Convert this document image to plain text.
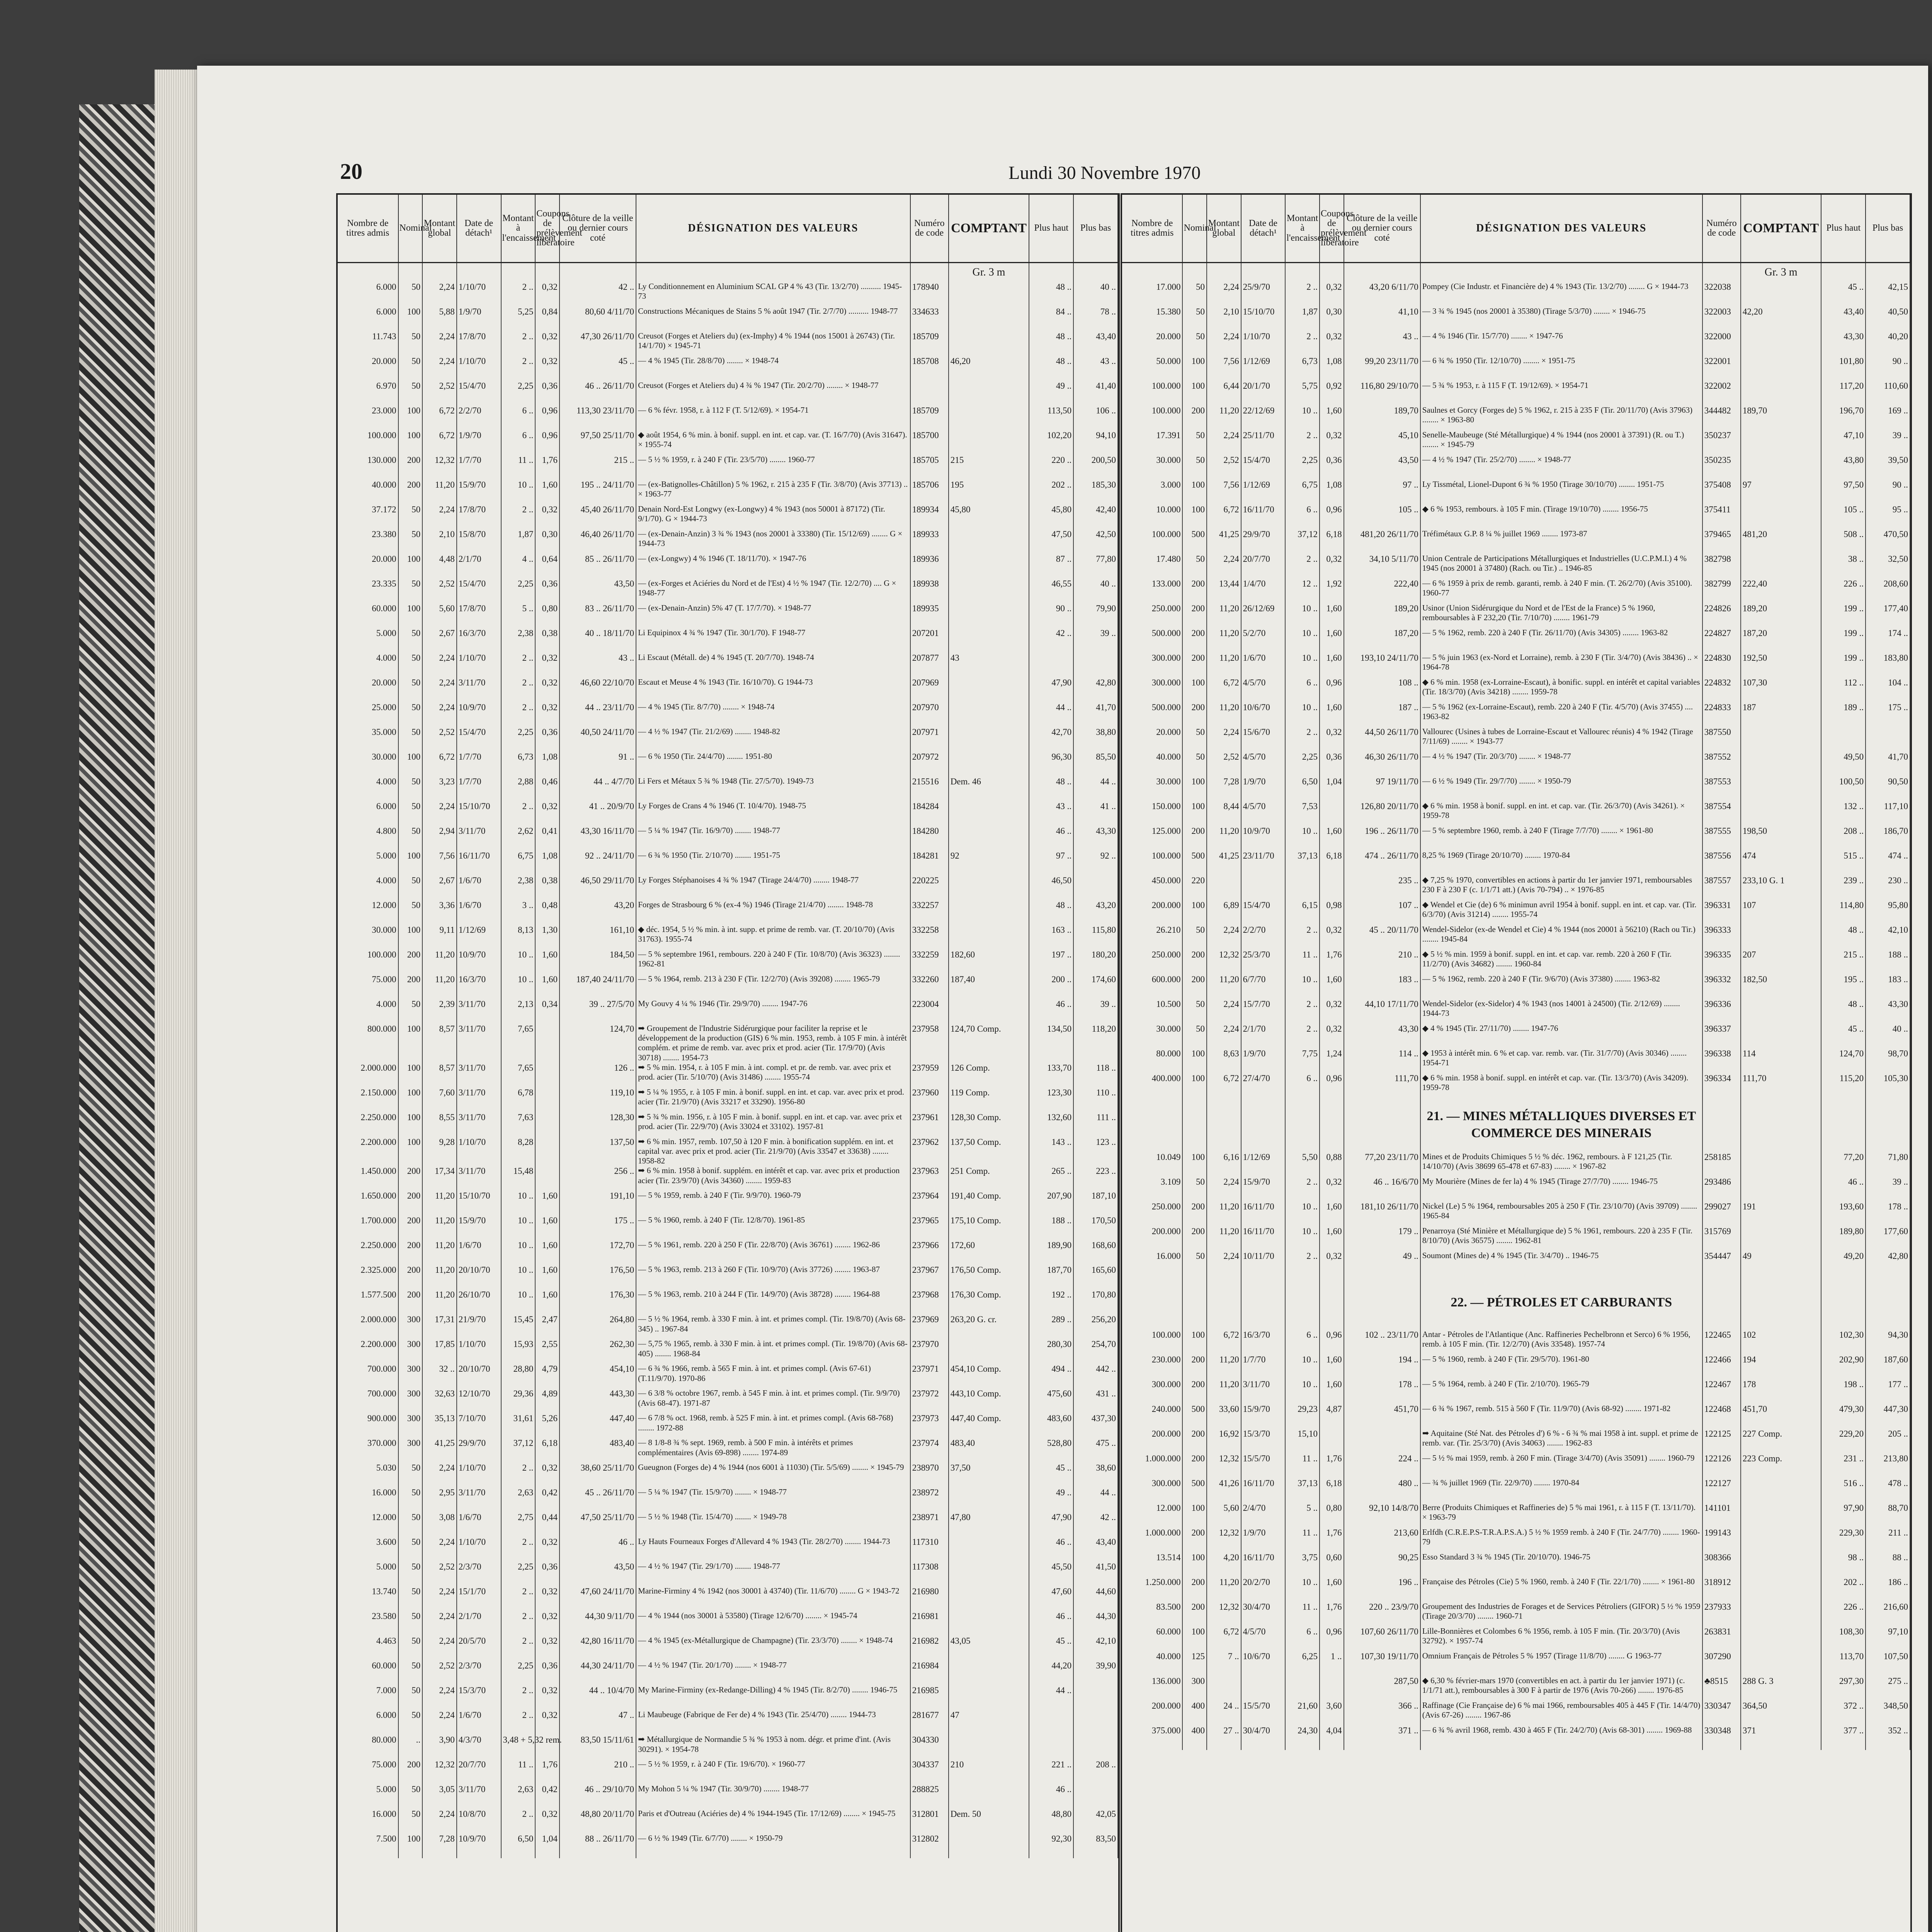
20	Lundi 30 Novembre 1970
Nombre de titres admis	Nominal	Montant global	Date de détach¹	Montant à l'encaissement	Coupons de prélèvement libératoire	Clôture de la veille ou dernier cours coté	DÉSIGNATION DES VALEURS	Numéro de code	COMPTANT	Plus haut	Plus bas
									Gr. 3 m		
6.000	50	2,24	1/10/70	2 ..	0,32	42 ..	Ly Conditionnement en Aluminium SCAL GP 4 % 43 (Tir. 13/2/70) .......... 1945-73	178940		48 ..	40 ..
6.000	100	5,88	1/9/70	5,25	0,84	80,60 4/11/70	Constructions Mécaniques de Stains 5 % août 1947 (Tir. 2/7/70) .......... 1948-77	334633		84 ..	78 ..
11.743	50	2,24	17/8/70	2 ..	0,32	47,30 26/11/70	Creusot (Forges et Ateliers du) (ex-Imphy) 4 % 1944 (nos 15001 à 26743) (Tir. 14/1/70) × 1945-71	185709		48 ..	43,40
20.000	50	2,24	1/10/70	2 ..	0,32	45 ..	— 4 % 1945 (Tir. 28/8/70) ........ × 1948-74	185708	46,20	48 ..	43 ..
6.970	50	2,52	15/4/70	2,25	0,36	46 .. 26/11/70	Creusot (Forges et Ateliers du) 4 ¾ % 1947 (Tir. 20/2/70) ........ × 1948-77			49 ..	41,40
23.000	100	6,72	2/2/70	6 ..	0,96	113,30 23/11/70	— 6 % févr. 1958, r. à 112 F (T. 5/12/69). × 1954-71	185709		113,50	106 ..
100.000	100	6,72	1/9/70	6 ..	0,96	97,50 25/11/70	◆ août 1954, 6 % min. à bonif. suppl. en int. et cap. var. (T. 16/7/70) (Avis 31647). × 1955-74	185700		102,20	94,10
130.000	200	12,32	1/7/70	11 ..	1,76	215 ..	— 5 ½ % 1959, r. à 240 F (Tir. 23/5/70) ........ 1960-77	185705	215	220 ..	200,50
40.000	200	11,20	15/9/70	10 ..	1,60	195 .. 24/11/70	— (ex-Batignolles-Châtillon) 5 % 1962, r. 215 à 235 F (Tir. 3/8/70) (Avis 37713) .. × 1963-77	185706	195	202 ..	185,30
37.172	50	2,24	17/8/70	2 ..	0,32	45,40 26/11/70	Denain Nord-Est Longwy (ex-Longwy) 4 % 1943 (nos 50001 à 87172) (Tir. 9/1/70). G × 1944-73	189934	45,80	45,80	42,40
23.380	50	2,10	15/8/70	1,87	0,30	46,40 26/11/70	— (ex-Denain-Anzin) 3 ¾ % 1943 (nos 20001 à 33380) (Tir. 15/12/69) ........ G × 1944-73	189933		47,50	42,50
20.000	100	4,48	2/1/70	4 ..	0,64	85 .. 26/11/70	— (ex-Longwy) 4 % 1946 (T. 18/11/70). × 1947-76	189936		87 ..	77,80
23.335	50	2,52	15/4/70	2,25	0,36	43,50	— (ex-Forges et Aciéries du Nord et de l'Est) 4 ½ % 1947 (Tir. 12/2/70) .... G × 1948-77	189938		46,55	40 ..
60.000	100	5,60	17/8/70	5 ..	0,80	83 .. 26/11/70	— (ex-Denain-Anzin) 5% 47 (T. 17/7/70). × 1948-77	189935		90 ..	79,90
5.000	50	2,67	16/3/70	2,38	0,38	40 .. 18/11/70	Li Equipinox 4 ¾ % 1947 (Tir. 30/1/70). F 1948-77	207201		42 ..	39 ..
4.000	50	2,24	1/10/70	2 ..	0,32	43 ..	Li Escaut (Métall. de) 4 % 1945 (T. 20/7/70). 1948-74	207877	43		
20.000	50	2,24	3/11/70	2 ..	0,32	46,60 22/10/70	Escaut et Meuse 4 % 1943 (Tir. 16/10/70). G 1944-73	207969		47,90	42,80
25.000	50	2,24	10/9/70	2 ..	0,32	44 .. 23/11/70	— 4 % 1945 (Tir. 8/7/70) ........ × 1948-74	207970		44 ..	41,70
35.000	50	2,52	15/4/70	2,25	0,36	40,50 24/11/70	— 4 ½ % 1947 (Tir. 21/2/69) ........ 1948-82	207971		42,70	38,80
30.000	100	6,72	1/7/70	6,73	1,08	91 ..	— 6 % 1950 (Tir. 24/4/70) ........ 1951-80	207972		96,30	85,50
4.000	50	3,23	1/7/70	2,88	0,46	44 .. 4/7/70	Li Fers et Métaux 5 ¾ % 1948 (Tir. 27/5/70). 1949-73	215516	Dem. 46	48 ..	44 ..
6.000	50	2,24	15/10/70	2 ..	0,32	41 .. 20/9/70	Ly Forges de Crans 4 % 1946 (T. 10/4/70). 1948-75	184284		43 ..	41 ..
4.800	50	2,94	3/11/70	2,62	0,41	43,30 16/11/70	— 5 ¼ % 1947 (Tir. 16/9/70) ........ 1948-77	184280		46 ..	43,30
5.000	100	7,56	16/11/70	6,75	1,08	92 .. 24/11/70	— 6 ¾ % 1950 (Tir. 2/10/70) ........ 1951-75	184281	92	97 ..	92 ..
4.000	50	2,67	1/6/70	2,38	0,38	46,50 29/11/70	Ly Forges Stéphanoises 4 ¾ % 1947 (Tirage 24/4/70) ........ 1948-77	220225		46,50	
12.000	50	3,36	1/6/70	3 ..	0,48	43,20	Forges de Strasbourg 6 % (ex-4 %) 1946 (Tirage 21/4/70) ........ 1948-78	332257		48 ..	43,20
30.000	100	9,11	1/12/69	8,13	1,30	161,10	◆ déc. 1954, 5 ½ % min. à int. supp. et prime de remb. var. (T. 20/10/70) (Avis 31763). 1955-74	332258		163 ..	115,80
100.000	200	11,20	10/9/70	10 ..	1,60	184,50	— 5 % septembre 1961, rembours. 220 à 240 F (Tir. 10/8/70) (Avis 36323) ........ 1962-81	332259	182,60	197 ..	180,20
75.000	200	11,20	16/3/70	10 ..	1,60	187,40 24/11/70	— 5 % 1964, remb. 213 à 230 F (Tir. 12/2/70) (Avis 39208) ........ 1965-79	332260	187,40	200 ..	174,60
4.000	50	2,39	3/11/70	2,13	0,34	39 .. 27/5/70	My Gouvy 4 ¼ % 1946 (Tir. 29/9/70) ........ 1947-76	223004		46 ..	39 ..
800.000	100	8,57	3/11/70	7,65		124,70	➡ Groupement de l'Industrie Sidérurgique pour faciliter la reprise et le développement de la production (GIS) 6 % min. 1953, remb. à 105 F min. à intérêt complém. et prime de remb. var. avec prix et prod. acier (Tir. 17/9/70) (Avis 30718) ........ 1954-73	237958	124,70 Comp.	134,50	118,20
2.000.000	100	8,57	3/11/70	7,65		126 ..	➡ 5 % min. 1954, r. à 105 F min. à int. compl. et pr. de remb. var. avec prix et prod. acier (Tir. 5/10/70) (Avis 31486) ........ 1955-74	237959	126 Comp.	133,70	118 ..
2.150.000	100	7,60	3/11/70	6,78		119,10	➡ 5 ¼ % 1955, r. à 105 F min. à bonif. suppl. en int. et cap. var. avec prix et prod. acier (Tir. 21/9/70) (Avis 33217 et 33290). 1956-80	237960	119 Comp.	123,30	110 ..
2.250.000	100	8,55	3/11/70	7,63		128,30	➡ 5 ¾ % min. 1956, r. à 105 F min. à bonif. suppl. en int. et cap. var. avec prix et prod. acier (Tir. 22/9/70) (Avis 33024 et 33102). 1957-81	237961	128,30 Comp.	132,60	111 ..
2.200.000	100	9,28	1/10/70	8,28		137,50	➡ 6 % min. 1957, remb. 107,50 à 120 F min. à bonification supplém. en int. et capital var. avec prix et prod. acier (Tir. 21/9/70) (Avis 33547 et 33638) ........ 1958-82	237962	137,50 Comp.	143 ..	123 ..
1.450.000	200	17,34	3/11/70	15,48		256 ..	➡ 6 % min. 1958 à bonif. supplém. en intérêt et cap. var. avec prix et production acier (Tir. 23/9/70) (Avis 34360) ........ 1959-83	237963	251 Comp.	265 ..	223 ..
1.650.000	200	11,20	15/10/70	10 ..	1,60	191,10	— 5 % 1959, remb. à 240 F (Tir. 9/9/70). 1960-79	237964	191,40 Comp.	207,90	187,10
1.700.000	200	11,20	15/9/70	10 ..	1,60	175 ..	— 5 % 1960, remb. à 240 F (Tir. 12/8/70). 1961-85	237965	175,10 Comp.	188 ..	170,50
2.250.000	200	11,20	1/6/70	10 ..	1,60	172,70	— 5 % 1961, remb. 220 à 250 F (Tir. 22/8/70) (Avis 36761) ........ 1962-86	237966	172,60	189,90	168,60
2.325.000	200	11,20	20/10/70	10 ..	1,60	176,50	— 5 % 1963, remb. 213 à 260 F (Tir. 10/9/70) (Avis 37726) ........ 1963-87	237967	176,50 Comp.	187,70	165,60
1.577.500	200	11,20	26/10/70	10 ..	1,60	176,30	— 5 % 1963, remb. 210 à 244 F (Tir. 14/9/70) (Avis 38728) ........ 1964-88	237968	176,30 Comp.	192 ..	170,80
2.000.000	300	17,31	21/9/70	15,45	2,47	264,80	— 5 ½ % 1964, remb. à 330 F min. à int. et primes compl. (Tir. 19/8/70) (Avis 68-345) .. 1967-84	237969	263,20 G. cr.	289 ..	256,20
2.200.000	300	17,85	1/10/70	15,93	2,55	262,30	— 5,75 % 1965, remb. à 330 F min. à int. et primes compl. (Tir. 19/8/70) (Avis 68-405) ........ 1968-84	237970		280,30	254,70
700.000	300	32 ..	20/10/70	28,80	4,79	454,10	— 6 ¾ % 1966, remb. à 565 F min. à int. et primes compl. (Avis 67-61) (T.11/9/70). 1970-86	237971	454,10 Comp.	494 ..	442 ..
700.000	300	32,63	12/10/70	29,36	4,89	443,30	— 6 3/8 % octobre 1967, remb. à 545 F min. à int. et primes compl. (Tir. 9/9/70) (Avis 68-47). 1971-87	237972	443,10 Comp.	475,60	431 ..
900.000	300	35,13	7/10/70	31,61	5,26	447,40	— 6 7/8 % oct. 1968, remb. à 525 F min. à int. et primes compl. (Avis 68-768) ........ 1972-88	237973	447,40 Comp.	483,60	437,30
370.000	300	41,25	29/9/70	37,12	6,18	483,40	— 8 1/8-8 ¾ % sept. 1969, remb. à 500 F min. à intérêts et primes complémentaires (Avis 69-898) ........ 1974-89	237974	483,40	528,80	475 ..
5.030	50	2,24	1/10/70	2 ..	0,32	38,60 25/11/70	Gueugnon (Forges de) 4 % 1944 (nos 6001 à 11030) (Tir. 5/5/69) ........ × 1945-79	238970	37,50	45 ..	38,60
16.000	50	2,95	3/11/70	2,63	0,42	45 .. 26/11/70	— 5 ¼ % 1947 (Tir. 15/9/70) ........ × 1948-77	238972		49 ..	44 ..
12.000	50	3,08	1/6/70	2,75	0,44	47,50 25/11/70	— 5 ½ % 1948 (Tir. 15/4/70) ........ × 1949-78	238971	47,80	47,90	42 ..
3.600	50	2,24	1/10/70	2 ..	0,32	46 ..	Ly Hauts Fourneaux Forges d'Allevard 4 % 1943 (Tir. 28/2/70) ........ 1944-73	117310		46 ..	43,40
5.000	50	2,52	2/3/70	2,25	0,36	43,50	— 4 ½ % 1947 (Tir. 29/1/70) ........ 1948-77	117308		45,50	41,50
13.740	50	2,24	15/1/70	2 ..	0,32	47,60 24/11/70	Marine-Firminy 4 % 1942 (nos 30001 à 43740) (Tir. 11/6/70) ........ G × 1943-72	216980		47,60	44,60
23.580	50	2,24	2/1/70	2 ..	0,32	44,30 9/11/70	— 4 % 1944 (nos 30001 à 53580) (Tirage 12/6/70) ........ × 1945-74	216981		46 ..	44,30
4.463	50	2,24	20/5/70	2 ..	0,32	42,80 16/11/70	— 4 % 1945 (ex-Métallurgique de Champagne) (Tir. 23/3/70) ........ × 1948-74	216982	43,05	45 ..	42,10
60.000	50	2,52	2/3/70	2,25	0,36	44,30 24/11/70	— 4 ½ % 1947 (Tir. 20/1/70) ........ × 1948-77	216984		44,20	39,90
7.000	50	2,24	15/3/70	2 ..	0,32	44 .. 10/4/70	My Marine-Firminy (ex-Redange-Dilling) 4 % 1945 (Tir. 8/2/70) ........ 1946-75	216985		44 ..	
6.000	50	2,24	1/6/70	2 ..	0,32	47 ..	Li Maubeuge (Fabrique de Fer de) 4 % 1943 (Tir. 25/4/70) ........ 1944-73	281677	47		
80.000	..	3,90	4/3/70	3,48 + 5,32 rem.		83,50 15/11/61	➡ Métallurgique de Normandie 5 ¾ % 1953 à nom. dégr. et prime d'int. (Avis 30291). × 1954-78	304330			
75.000	200	12,32	20/7/70	11 ..	1,76	210 ..	— 5 ½ % 1959, r. à 240 F (Tir. 19/6/70). × 1960-77	304337	210	221 ..	208 ..
5.000	50	3,05	3/11/70	2,63	0,42	46 .. 29/10/70	My Mohon 5 ¼ % 1947 (Tir. 30/9/70) ........ 1948-77	288825		46 ..	
16.000	50	2,24	10/8/70	2 ..	0,32	48,80 20/11/70	Paris et d'Outreau (Aciéries de) 4 % 1944-1945 (Tir. 17/12/69) ........ × 1945-75	312801	Dem. 50	48,80	42,05
7.500	100	7,28	10/9/70	6,50	1,04	88 .. 26/11/70	— 6 ½ % 1949 (Tir. 6/7/70) ........ × 1950-79	312802		92,30	83,50
Nombre de titres admis	Nominal	Montant global	Date de détach¹	Montant à l'encaissement	Coupons de prélèvement libératoire	Clôture de la veille ou dernier cours coté	DÉSIGNATION DES VALEURS	Numéro de code	COMPTANT	Plus haut	Plus bas
									Gr. 3 m		
17.000	50	2,24	25/9/70	2 ..	0,32	43,20 6/11/70	Pompey (Cie Industr. et Financière de) 4 % 1943 (Tir. 13/2/70) ........ G × 1944-73	322038		45 ..	42,15
15.380	50	2,10	15/10/70	1,87	0,30	41,10	— 3 ¾ % 1945 (nos 20001 à 35380) (Tirage 5/3/70) ........ × 1946-75	322003	42,20	43,40	40,50
20.000	50	2,24	1/10/70	2 ..	0,32	43 ..	— 4 % 1946 (Tir. 15/7/70) ........ × 1947-76	322000		43,30	40,20
50.000	100	7,56	1/12/69	6,73	1,08	99,20 23/11/70	— 6 ¾ % 1950 (Tir. 12/10/70) ........ × 1951-75	322001		101,80	90 ..
100.000	100	6,44	20/1/70	5,75	0,92	116,80 29/10/70	— 5 ¾ % 1953, r. à 115 F (T. 19/12/69). × 1954-71	322002		117,20	110,60
100.000	200	11,20	22/12/69	10 ..	1,60	189,70	Saulnes et Gorcy (Forges de) 5 % 1962, r. 215 à 235 F (Tir. 20/11/70) (Avis 37963) ........ × 1963-80	344482	189,70	196,70	169 ..
17.391	50	2,24	25/11/70	2 ..	0,32	45,10	Senelle-Maubeuge (Sté Métallurgique) 4 % 1944 (nos 20001 à 37391) (R. ou T.) ........ × 1945-79	350237		47,10	39 ..
30.000	50	2,52	15/4/70	2,25	0,36	43,50	— 4 ½ % 1947 (Tir. 25/2/70) ........ × 1948-77	350235		43,80	39,50
3.000	100	7,56	1/12/69	6,75	1,08	97 ..	Ly Tissmétal, Lionel-Dupont 6 ¾ % 1950 (Tirage 30/10/70) ........ 1951-75	375408	97	97,50	90 ..
10.000	100	6,72	16/11/70	6 ..	0,96	105 ..	◆ 6 % 1953, rembours. à 105 F min. (Tirage 19/10/70) ........ 1956-75	375411		105 ..	95 ..
100.000	500	41,25	29/9/70	37,12	6,18	481,20 26/11/70	Tréfimétaux G.P. 8 ¼ % juillet 1969 ........ 1973-87	379465	481,20	508 ..	470,50
17.480	50	2,24	20/7/70	2 ..	0,32	34,10 5/11/70	Union Centrale de Participations Métallurgiques et Industrielles (U.C.P.M.I.) 4 % 1945 (nos 20001 à 37480) (Rach. ou Tir.) .. 1946-85	382798		38 ..	32,50
133.000	200	13,44	1/4/70	12 ..	1,92	222,40	— 6 % 1959 à prix de remb. garanti, remb. à 240 F min. (T. 26/2/70) (Avis 35100). 1960-77	382799	222,40	226 ..	208,60
250.000	200	11,20	26/12/69	10 ..	1,60	189,20	Usinor (Union Sidérurgique du Nord et de l'Est de la France) 5 % 1960, remboursables à F 232,20 (Tir. 7/10/70) ........ 1961-79	224826	189,20	199 ..	177,40
500.000	200	11,20	5/2/70	10 ..	1,60	187,20	— 5 % 1962, remb. 220 à 240 F (Tir. 26/11/70) (Avis 34305) ........ 1963-82	224827	187,20	199 ..	174 ..
300.000	200	11,20	1/6/70	10 ..	1,60	193,10 24/11/70	— 5 % juin 1963 (ex-Nord et Lorraine), remb. à 230 F (Tir. 3/4/70) (Avis 38436) .. × 1964-78	224830	192,50	199 ..	183,80
300.000	100	6,72	4/5/70	6 ..	0,96	108 ..	◆ 6 % min. 1958 (ex-Lorraine-Escaut), à bonific. suppl. en intérêt et capital variables (Tir. 18/3/70) (Avis 34218) ........ 1959-78	224832	107,30	112 ..	104 ..
500.000	200	11,20	10/6/70	10 ..	1,60	187 ..	— 5 % 1962 (ex-Lorraine-Escaut), remb. 220 à 240 F (Tir. 4/5/70) (Avis 37455) .... 1963-82	224833	187	189 ..	175 ..
20.000	50	2,24	15/6/70	2 ..	0,32	44,50 26/11/70	Vallourec (Usines à tubes de Lorraine-Escaut et Vallourec réunis) 4 % 1942 (Tirage 7/11/69) ........ × 1943-77	387550			
40.000	50	2,52	4/5/70	2,25	0,36	46,30 26/11/70	— 4 ½ % 1947 (Tir. 20/3/70) ........ × 1948-77	387552		49,50	41,70
30.000	100	7,28	1/9/70	6,50	1,04	97 19/11/70	— 6 ½ % 1949 (Tir. 29/7/70) ........ × 1950-79	387553		100,50	90,50
150.000	100	8,44	4/5/70	7,53		126,80 20/11/70	◆ 6 % min. 1958 à bonif. suppl. en int. et cap. var. (Tir. 26/3/70) (Avis 34261). × 1959-78	387554		132 ..	117,10
125.000	200	11,20	10/9/70	10 ..	1,60	196 .. 26/11/70	— 5 % septembre 1960, remb. à 240 F (Tirage 7/7/70) ........ × 1961-80	387555	198,50	208 ..	186,70
100.000	500	41,25	23/11/70	37,13	6,18	474 .. 26/11/70	8,25 % 1969 (Tirage 20/10/70) ........ 1970-84	387556	474	515 ..	474 ..
450.000	220					235 ..	◆ 7,25 % 1970, convertibles en actions à partir du 1er janvier 1971, remboursables 230 F à 230 F (c. 1/1/71 att.) (Avis 70-794) .. × 1976-85	387557	233,10 G. 1	239 ..	230 ..
200.000	100	6,89	15/4/70	6,15	0,98	107 ..	◆ Wendel et Cie (de) 6 % minimun avril 1954 à bonif. suppl. en int. et cap. var. (Tir. 6/3/70) (Avis 31214) ........ 1955-74	396331	107	114,80	95,80
26.210	50	2,24	2/2/70	2 ..	0,32	45 .. 20/11/70	Wendel-Sidelor (ex-de Wendel et Cie) 4 % 1944 (nos 20001 à 56210) (Rach ou Tir.) ........ 1945-84	396333		48 ..	42,10
250.000	200	12,32	25/3/70	11 ..	1,76	210 ..	◆ 5 ½ % min. 1959 à bonif. suppl. en int. et cap. var. remb. 220 à 260 F (Tir. 11/2/70) (Avis 34682) ........ 1960-84	396335	207	215 ..	188 ..
600.000	200	11,20	6/7/70	10 ..	1,60	183 ..	— 5 % 1962, remb. 220 à 240 F (Tir. 9/6/70) (Avis 37380) ........ 1963-82	396332	182,50	195 ..	183 ..
10.500	50	2,24	15/7/70	2 ..	0,32	44,10 17/11/70	Wendel-Sidelor (ex-Sidelor) 4 % 1943 (nos 14001 à 24500) (Tir. 2/12/69) ........ 1944-73	396336		48 ..	43,30
30.000	50	2,24	2/1/70	2 ..	0,32	43,30	◆ 4 % 1945 (Tir. 27/11/70) ........ 1947-76	396337		45 ..	40 ..
80.000	100	8,63	1/9/70	7,75	1,24	114 ..	◆ 1953 à intérêt min. 6 % et cap. var. remb. var. (Tir. 31/7/70) (Avis 30346) ........ 1954-71	396338	114	124,70	98,70
400.000	100	6,72	27/4/70	6 ..	0,96	111,70	◆ 6 % min. 1958 à bonif. suppl. en intérêt et cap. var. (Tir. 13/3/70) (Avis 34209). 1959-78	396334	111,70	115,20	105,30
							21. — MINES MÉTALLIQUES DIVERSES ET COMMERCE DES MINERAIS				
10.049	100	6,16	1/12/69	5,50	0,88	77,20 23/11/70	Mines et de Produits Chimiques 5 ½ % déc. 1962, rembours. à F 121,25 (Tir. 14/10/70) (Avis 38699 65-478 et 67-83) ........ × 1967-82	258185		77,20	71,80
3.109	50	2,24	15/9/70	2 ..	0,32	46 .. 16/6/70	My Mourière (Mines de fer la) 4 % 1945 (Tirage 27/7/70) ........ 1946-75	293486		46 ..	39 ..
250.000	200	11,20	16/11/70	10 ..	1,60	181,10 26/11/70	Nickel (Le) 5 % 1964, remboursables 205 à 250 F (Tir. 23/10/70) (Avis 39709) ........ 1965-84	299027	191	193,60	178 ..
200.000	200	11,20	16/11/70	10 ..	1,60	179 ..	Penarroya (Sté Minière et Métallurgique de) 5 % 1961, rembours. 220 à 235 F (Tir. 8/10/70) (Avis 36575) ........ 1962-81	315769		189,80	177,60
16.000	50	2,24	10/11/70	2 ..	0,32	49 ..	Soumont (Mines de) 4 % 1945 (Tir. 3/4/70) .. 1946-75	354447	49	49,20	42,80
							22. — PÉTROLES ET CARBURANTS				
100.000	100	6,72	16/3/70	6 ..	0,96	102 .. 23/11/70	Antar - Pétroles de l'Atlantique (Anc. Raffineries Pechelbronn et Serco) 6 % 1956, remb. à 105 F min. (Tir. 12/2/70) (Avis 33548). 1957-74	122465	102	102,30	94,30
230.000	200	11,20	1/7/70	10 ..	1,60	194 ..	— 5 % 1960, remb. à 240 F (Tir. 29/5/70). 1961-80	122466	194	202,90	187,60
300.000	200	11,20	3/11/70	10 ..	1,60	178 ..	— 5 % 1964, remb. à 240 F (Tir. 2/10/70). 1965-79	122467	178	198 ..	177 ..
240.000	500	33,60	15/9/70	29,23	4,87	451,70	— 6 ¾ % 1967, remb. 515 à 560 F (Tir. 11/9/70) (Avis 68-92) ........ 1971-82	122468	451,70	479,30	447,30
200.000	200	16,92	15/3/70	15,10			➡ Aquitaine (Sté Nat. des Pétroles d') 6 % - 6 ¾ % mai 1958 à int. suppl. et prime de remb. var. (Tir. 25/3/70) (Avis 34063) ........ 1962-83	122125	227 Comp.	229,20	205 ..
1.000.000	200	12,32	15/5/70	11 ..	1,76	224 ..	— 5 ½ % mai 1959, remb. à 260 F min. (Tirage 3/4/70) (Avis 35091) ........ 1960-79	122126	223 Comp.	231 ..	213,80
300.000	500	41,26	16/11/70	37,13	6,18	480 ..	— ¾ % juillet 1969 (Tir. 22/9/70) ........ 1970-84	122127		516 ..	478 ..
12.000	100	5,60	2/4/70	5 ..	0,80	92,10 14/8/70	Berre (Produits Chimiques et Raffineries de) 5 % mai 1961, r. à 115 F (T. 13/11/70). × 1963-79	141101		97,90	88,70
1.000.000	200	12,32	1/9/70	11 ..	1,76	213,60	Erlfdh (C.R.E.P.S-T.R.A.P.S.A.) 5 ½ % 1959 remb. à 240 F (Tir. 24/7/70) ........ 1960-79	199143		229,30	211 ..
13.514	100	4,20	16/11/70	3,75	0,60	90,25	Esso Standard 3 ¾ % 1945 (Tir. 20/10/70). 1946-75	308366		98 ..	88 ..
1.250.000	200	11,20	20/2/70	10 ..	1,60	196 ..	Française des Pétroles (Cie) 5 % 1960, remb. à 240 F (Tir. 22/1/70) ........ × 1961-80	318912		202 ..	186 ..
83.500	200	12,32	30/4/70	11 ..	1,76	220 .. 23/9/70	Groupement des Industries de Forages et de Services Pétroliers (GIFOR) 5 ½ % 1959 (Tirage 20/3/70) ........ 1960-71	237933		226 ..	216,60
60.000	100	6,72	4/5/70	6 ..	0,96	107,60 26/11/70	Lille-Bonnières et Colombes 6 % 1956, remb. à 105 F min. (Tir. 20/3/70) (Avis 32792). × 1957-74	263831		108,30	97,10
40.000	125	7 ..	10/6/70	6,25	1 ..	107,30 19/11/70	Omnium Français de Pétroles 5 % 1957 (Tirage 11/8/70) ........ G 1963-77	307290		113,70	107,50
136.000	300					287,50	◆ 6,30 % février-mars 1970 (convertibles en act. à partir du 1er janvier 1971) (c. 1/1/71 att.), remboursables à 300 F à partir de 1976 (Avis 70-266) ........ 1976-85	♣8515	288 G. 3	297,30	275 ..
200.000	400	24 ..	15/5/70	21,60	3,60	366 ..	Raffinage (Cie Française de) 6 % mai 1966, remboursables 405 à 445 F (Tir. 14/4/70) (Avis 67-26) ........ 1967-86	330347	364,50	372 ..	348,50
375.000	400	27 ..	30/4/70	24,30	4,04	371 ..	— 6 ¾ % avril 1968, remb. 430 à 465 F (Tir. 24/2/70) (Avis 68-301) ........ 1969-88	330348	371	377 ..	352 ..
